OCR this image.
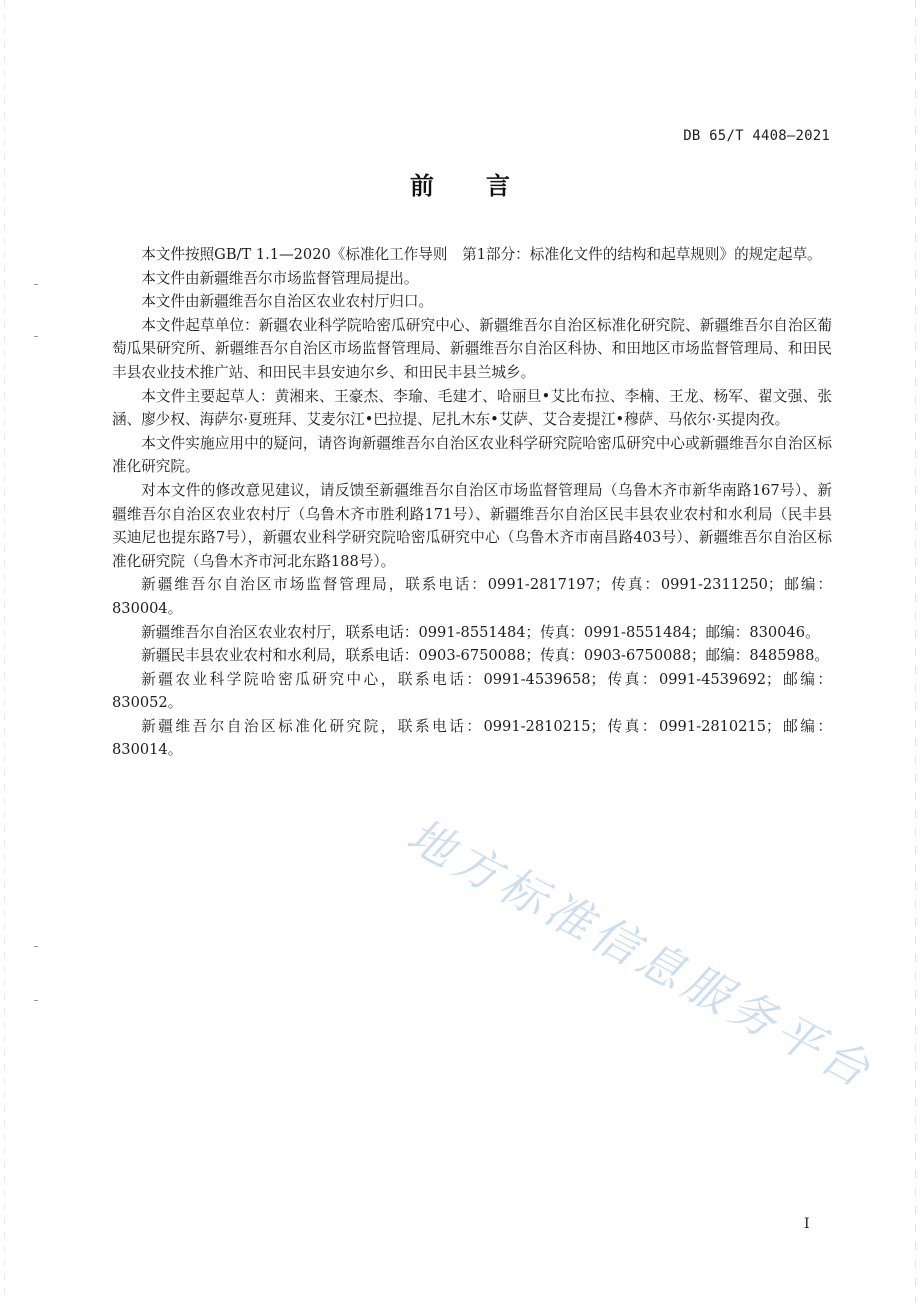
DB 65/T 4408—2021
前言

本文件按照GB/T 1.1—2020《标准化工作导则　第1部分：标准化文件的结构和起草规则》的规定起草。

本文件由新疆维吾尔市场监督管理局提出。

本文件由新疆维吾尔自治区农业农村厅归口。

本文件起草单位：新疆农业科学院哈密瓜研究中心、新疆维吾尔自治区标准化研究院、新疆维吾尔自治区葡萄瓜果研究所、新疆维吾尔自治区市场监督管理局、新疆维吾尔自治区科协、和田地区市场监督管理局、和田民丰县农业技术推广站、和田民丰县安迪尔乡、和田民丰县兰城乡。

本文件主要起草人：黄湘来、王豪杰、李瑜、毛建才、哈丽旦•艾比布拉、李楠、王龙、杨军、翟文强、张涵、廖少权、海萨尔·夏班拜、艾麦尔江•巴拉提、尼扎木东•艾萨、艾合麦提江•穆萨、马依尔·买提肉孜。

本文件实施应用中的疑问，请咨询新疆维吾尔自治区农业科学研究院哈密瓜研究中心或新疆维吾尔自治区标准化研究院。

对本文件的修改意见建议，请反馈至新疆维吾尔自治区市场监督管理局（乌鲁木齐市新华南路167号）、新疆维吾尔自治区农业农村厅（乌鲁木齐市胜利路171号）、新疆维吾尔自治区民丰县农业农村和水利局（民丰县买迪尼也提东路7号），新疆农业科学研究院哈密瓜研究中心（乌鲁木齐市南昌路403号）、新疆维吾尔自治区标准化研究院（乌鲁木齐市河北东路188号）。

新疆维吾尔自治区市场监督管理局，联系电话：0991-2817197；传真：0991-2311250；邮编：830004。

新疆维吾尔自治区农业农村厅，联系电话：0991-8551484；传真：0991-8551484；邮编：830046。

新疆民丰县农业农村和水利局，联系电话：0903-6750088；传真：0903-6750088；邮编：8485988。

新疆农业科学院哈密瓜研究中心，联系电话：0991-4539658；传真：0991-4539692；邮编：830052。

新疆维吾尔自治区标准化研究院，联系电话：0991-2810215；传真：0991-2810215；邮编：830014。

地方标准信息服务平台
I
